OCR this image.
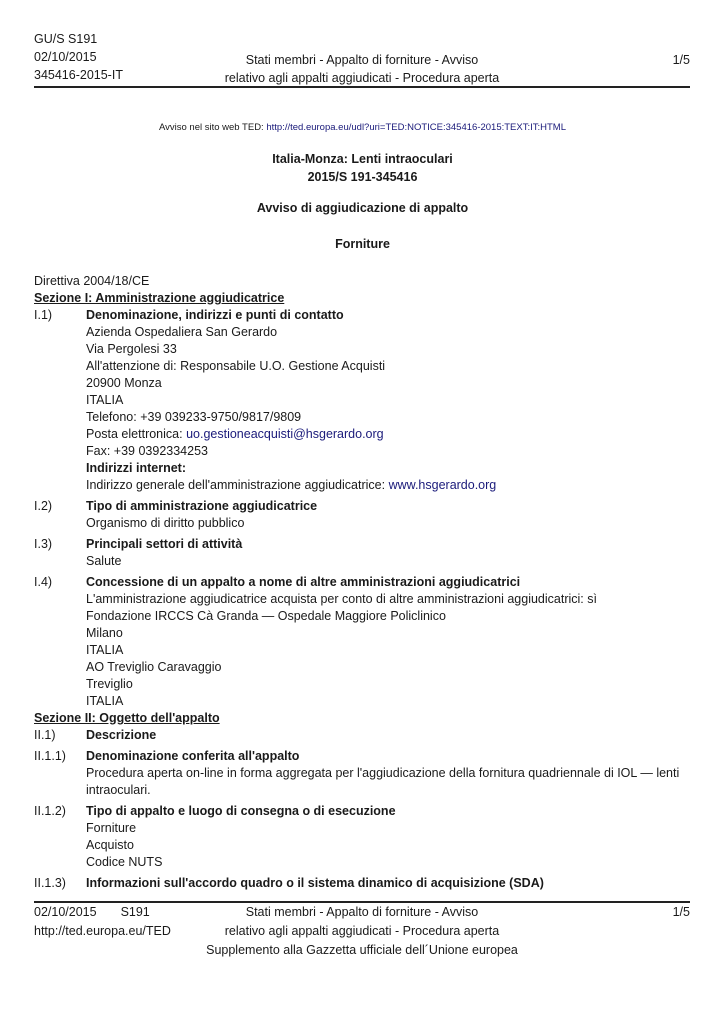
GU/S S191
02/10/2015
345416-2015-IT
Stati membri - Appalto di forniture - Avviso
relativo agli appalti aggiudicati - Procedura aperta
1/5
Avviso nel sito web TED: http://ted.europa.eu/udl?uri=TED:NOTICE:345416-2015:TEXT:IT:HTML
Italia-Monza: Lenti intraoculari
2015/S 191-345416
Avviso di aggiudicazione di appalto
Forniture
Direttiva 2004/18/CE
Sezione I: Amministrazione aggiudicatrice
I.1)	Denominazione, indirizzi e punti di contatto
Azienda Ospedaliera San Gerardo
Via Pergolesi 33
All'attenzione di: Responsabile U.O. Gestione Acquisti
20900 Monza
ITALIA
Telefono: +39 039233-9750/9817/9809
Posta elettronica: uo.gestioneacquisti@hsgerardo.org
Fax: +39 0392334253
Indirizzi internet:
Indirizzo generale dell'amministrazione aggiudicatrice: www.hsgerardo.org
I.2)	Tipo di amministrazione aggiudicatrice
Organismo di diritto pubblico
I.3)	Principali settori di attività
Salute
I.4)	Concessione di un appalto a nome di altre amministrazioni aggiudicatrici
L'amministrazione aggiudicatrice acquista per conto di altre amministrazioni aggiudicatrici: sì
Fondazione IRCCS Cà Granda — Ospedale Maggiore Policlinico
Milano
ITALIA
AO Treviglio Caravaggio
Treviglio
ITALIA
Sezione II: Oggetto dell'appalto
II.1)	Descrizione
II.1.1)	Denominazione conferita all'appalto
Procedura aperta on-line in forma aggregata per l'aggiudicazione della fornitura quadriennale di IOL — lenti intraoculari.
II.1.2)	Tipo di appalto e luogo di consegna o di esecuzione
Forniture
Acquisto
Codice NUTS
II.1.3)	Informazioni sull'accordo quadro o il sistema dinamico di acquisizione (SDA)
02/10/2015 S191
http://ted.europa.eu/TED
Stati membri - Appalto di forniture - Avviso
relativo agli appalti aggiudicati - Procedura aperta
Supplemento alla Gazzetta ufficiale dell´Unione europea
1/5
